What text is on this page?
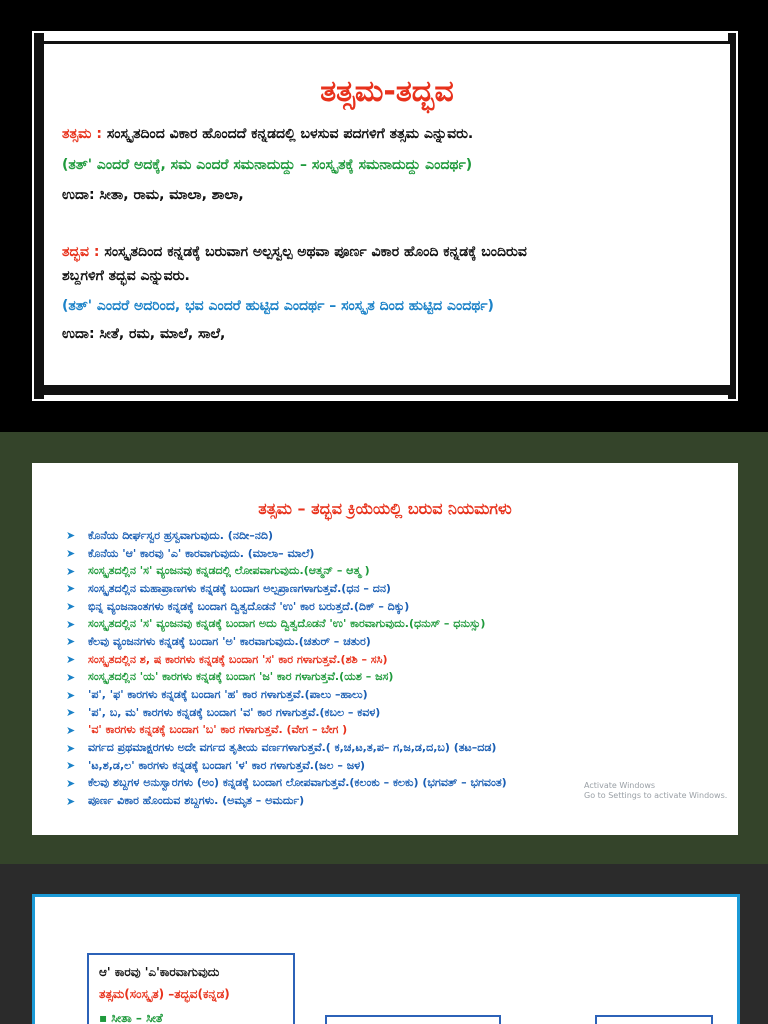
ತತ್ಸಮ-ತದ್ಭವ
ತತ್ಸಮ : ಸಂಸ್ಕೃತದಿಂದ ವಿಕಾರ ಹೊಂದದೆ ಕನ್ನಡದಲ್ಲಿ ಬಳಸುವ ಪದಗಳಿಗೆ ತತ್ಸಮ ಎನ್ನುವರು.
(ತತ್' ಎಂದರೆ ಅದಕ್ಕೆ, ಸಮ ಎಂದರೆ ಸಮನಾದುದ್ದು – ಸಂಸ್ಕೃತಕ್ಕೆ ಸಮನಾದುದ್ದು ಎಂದರ್ಥ)
ಉದಾ: ಸೀತಾ, ರಾಮ, ಮಾಲಾ, ಶಾಲಾ,
ತದ್ಭವ : ಸಂಸ್ಕೃತದಿಂದ ಕನ್ನಡಕ್ಕೆ ಬರುವಾಗ ಅಲ್ಪಸ್ವಲ್ಪ ಅಥವಾ ಪೂರ್ಣ ವಿಕಾರ ಹೊಂದಿ ಕನ್ನಡಕ್ಕೆ ಬಂದಿರುವ
ಶಬ್ದಗಳಿಗೆ ತದ್ಭವ ಎನ್ನುವರು.
(ತತ್' ಎಂದರೆ ಅದರಿಂದ, ಭವ ಎಂದರೆ ಹುಟ್ಟಿದ ಎಂದರ್ಥ – ಸಂಸ್ಕೃತ ದಿಂದ ಹುಟ್ಟಿದ ಎಂದರ್ಥ)
ಉದಾ: ಸೀತೆ, ರಮ, ಮಾಲೆ, ಸಾಲೆ,
ತತ್ಸಮ – ತದ್ಭವ ಕ್ರಿಯೆಯಲ್ಲಿ ಬರುವ ನಿಯಮಗಳು
➤	ಕೊನೆಯ ದೀರ್ಘಸ್ವರ ಹ್ರಸ್ವವಾಗುವುದು. (ನದೀ–ನದಿ)
➤	ಕೊನೆಯ 'ಆ' ಕಾರವು 'ಎ' ಕಾರವಾಗುವುದು. (ಮಾಲಾ– ಮಾಲೆ)
➤	ಸಂಸ್ಕೃತದಲ್ಲಿನ 'ಸ' ವ್ಯಂಜನವು ಕನ್ನಡದಲ್ಲಿ ಲೋಪವಾಗುವುದು.(ಆತ್ಮನ್ – ಆತ್ಮ )
➤	ಸಂಸ್ಕೃತದಲ್ಲಿನ ಮಹಾಪ್ರಾಣಗಳು ಕನ್ನಡಕ್ಕೆ ಬಂದಾಗ ಅಲ್ಪಪ್ರಾಣಗಳಾಗುತ್ತವೆ.(ಧನ – ದನ)
➤	ಭಿನ್ನ ವ್ಯಂಜನಾಂತಗಳು ಕನ್ನಡಕ್ಕೆ ಬಂದಾಗ ದ್ವಿತ್ವದೊಡನೆ 'ಉ' ಕಾರ ಬರುತ್ತದೆ.(ದಿಕ್ – ದಿಕ್ಕು)
➤	ಸಂಸ್ಕೃತದಲ್ಲಿನ 'ಸ' ವ್ಯಂಜನವು ಕನ್ನಡಕ್ಕೆ ಬಂದಾಗ ಅದು ದ್ವಿತ್ವದೊಡನೆ 'ಉ' ಕಾರವಾಗುವುದು.(ಧನುಸ್ – ಧನುಸ್ಸು)
➤	ಕೆಲವು ವ್ಯಂಜನಗಳು ಕನ್ನಡಕ್ಕೆ ಬಂದಾಗ 'ಅ' ಕಾರವಾಗುವುದು.(ಚತುರ್ – ಚತುರ)
➤	ಸಂಸ್ಕೃತದಲ್ಲಿನ ಶ, ಷ ಕಾರಗಳು ಕನ್ನಡಕ್ಕೆ ಬಂದಾಗ 'ಸ' ಕಾರ ಗಳಾಗುತ್ತವೆ.(ಶಶಿ – ಸಸಿ)
➤	ಸಂಸ್ಕೃತದಲ್ಲಿನ 'ಯ' ಕಾರಗಳು ಕನ್ನಡಕ್ಕೆ ಬಂದಾಗ 'ಜ' ಕಾರ ಗಳಾಗುತ್ತವೆ.(ಯಶ – ಜಸ)
➤	'ಪ', 'ಫ' ಕಾರಗಳು ಕನ್ನಡಕ್ಕೆ ಬಂದಾಗ 'ಹ' ಕಾರ ಗಳಾಗುತ್ತವೆ.(ಪಾಲು –ಹಾಲು)
➤	'ಪ', ಬ, ಮ' ಕಾರಗಳು ಕನ್ನಡಕ್ಕೆ ಬಂದಾಗ 'ವ' ಕಾರ ಗಳಾಗುತ್ತವೆ.(ಕಬಲ – ಕವಳ)
➤	'ವ' ಕಾರಗಳು ಕನ್ನಡಕ್ಕೆ ಬಂದಾಗ 'ಬ' ಕಾರ ಗಳಾಗುತ್ತವೆ. (ವೇಗ – ಬೇಗ )
➤	ವರ್ಗದ ಪ್ರಥಮಾಕ್ಷರಗಳು ಅದೇ ವರ್ಗದ ತೃತೀಯ ವರ್ಣಗಳಾಗುತ್ತವೆ.( ಕ,ಚ,ಟ,ತ,ಪ– ಗ,ಜ,ಡ,ದ,ಬ) (ತಟ–ದಡ)
➤	'ಟ,ಶ,ಡ,ಲ' ಕಾರಗಳು ಕನ್ನಡಕ್ಕೆ ಬಂದಾಗ 'ಳ' ಕಾರ ಗಳಾಗುತ್ತವೆ.(ಜಲ – ಜಳ)
➤	ಕೆಲವು ಶಬ್ದಗಳ ಅನುಸ್ವಾರಗಳು (ಅಂ) ಕನ್ನಡಕ್ಕೆ ಬಂದಾಗ ಲೋಪವಾಗುತ್ತವೆ.(ಕಲಂಕು – ಕಲಕು) (ಭಗವತ್ – ಭಗವಂತ)
➤	ಪೂರ್ಣ ವಿಕಾರ ಹೊಂದುವ ಶಬ್ದಗಳು. (ಅಮೃತ – ಅಮರ್ದು)
Activate Windows
Go to Settings to activate Windows.
ಆ' ಕಾರವು 'ಎ'ಕಾರವಾಗುವುದು
ತತ್ಸಮ(ಸಂಸ್ಕೃತ) –ತದ್ಭವ(ಕನ್ನಡ)
▪ ಸೀತಾ – ಸೀತೆ
